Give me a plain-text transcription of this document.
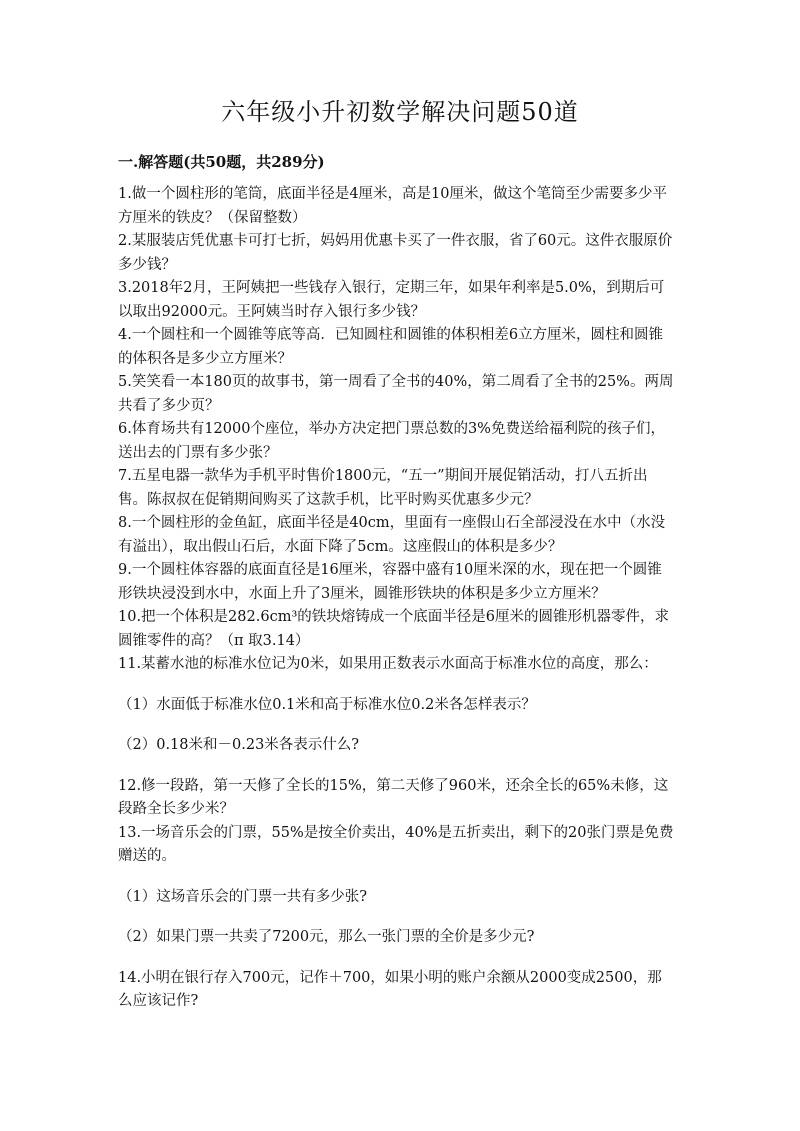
六年级小升初数学解决问题50道
一.解答题(共50题，共289分)

1.做一个圆柱形的笔筒，底面半径是4厘米，高是10厘米，做这个笔筒至少需要多少平方厘米的铁皮？（保留整数）

2.某服装店凭优惠卡可打七折，妈妈用优惠卡买了一件衣服，省了60元。这件衣服原价多少钱？

3.2018年2月，王阿姨把一些钱存入银行，定期三年，如果年利率是5.0%，到期后可以取出92000元。王阿姨当时存入银行多少钱？

4.一个圆柱和一个圆锥等底等高．已知圆柱和圆锥的体积相差6立方厘米，圆柱和圆锥的体积各是多少立方厘米？

5.笑笑看一本180页的故事书，第一周看了全书的40%，第二周看了全书的25%。两周共看了多少页？

6.体育场共有12000个座位，举办方决定把门票总数的3%免费送给福利院的孩子们，送出去的门票有多少张？

7.五星电器一款华为手机平时售价1800元，“五一”期间开展促销活动，打八五折出售。陈叔叔在促销期间购买了这款手机，比平时购买优惠多少元？

8.一个圆柱形的金鱼缸，底面半径是40cm，里面有一座假山石全部浸没在水中（水没有溢出），取出假山石后，水面下降了5cm。这座假山的体积是多少？

9.一个圆柱体容器的底面直径是16厘米，容器中盛有10厘米深的水，现在把一个圆锥形铁块浸没到水中，水面上升了3厘米，圆锥形铁块的体积是多少立方厘米？

10.把一个体积是282.6cm³的铁块熔铸成一个底面半径是6厘米的圆锥形机器零件，求圆锥零件的高？（π 取3.14）

11.某蓄水池的标准水位记为0米，如果用正数表示水面高于标准水位的高度，那么：

（1）水面低于标准水位0.1米和高于标准水位0.2米各怎样表示？

（2）0.18米和－0.23米各表示什么?

12.修一段路，第一天修了全长的15%，第二天修了960米，还余全长的65%未修，这段路全长多少米？

13.一场音乐会的门票，55%是按全价卖出，40%是五折卖出，剩下的20张门票是免费赠送的。

（1）这场音乐会的门票一共有多少张?

（2）如果门票一共卖了7200元，那么一张门票的全价是多少元?

14.小明在银行存入700元，记作＋700，如果小明的账户余额从2000变成2500，那么应该记作?
